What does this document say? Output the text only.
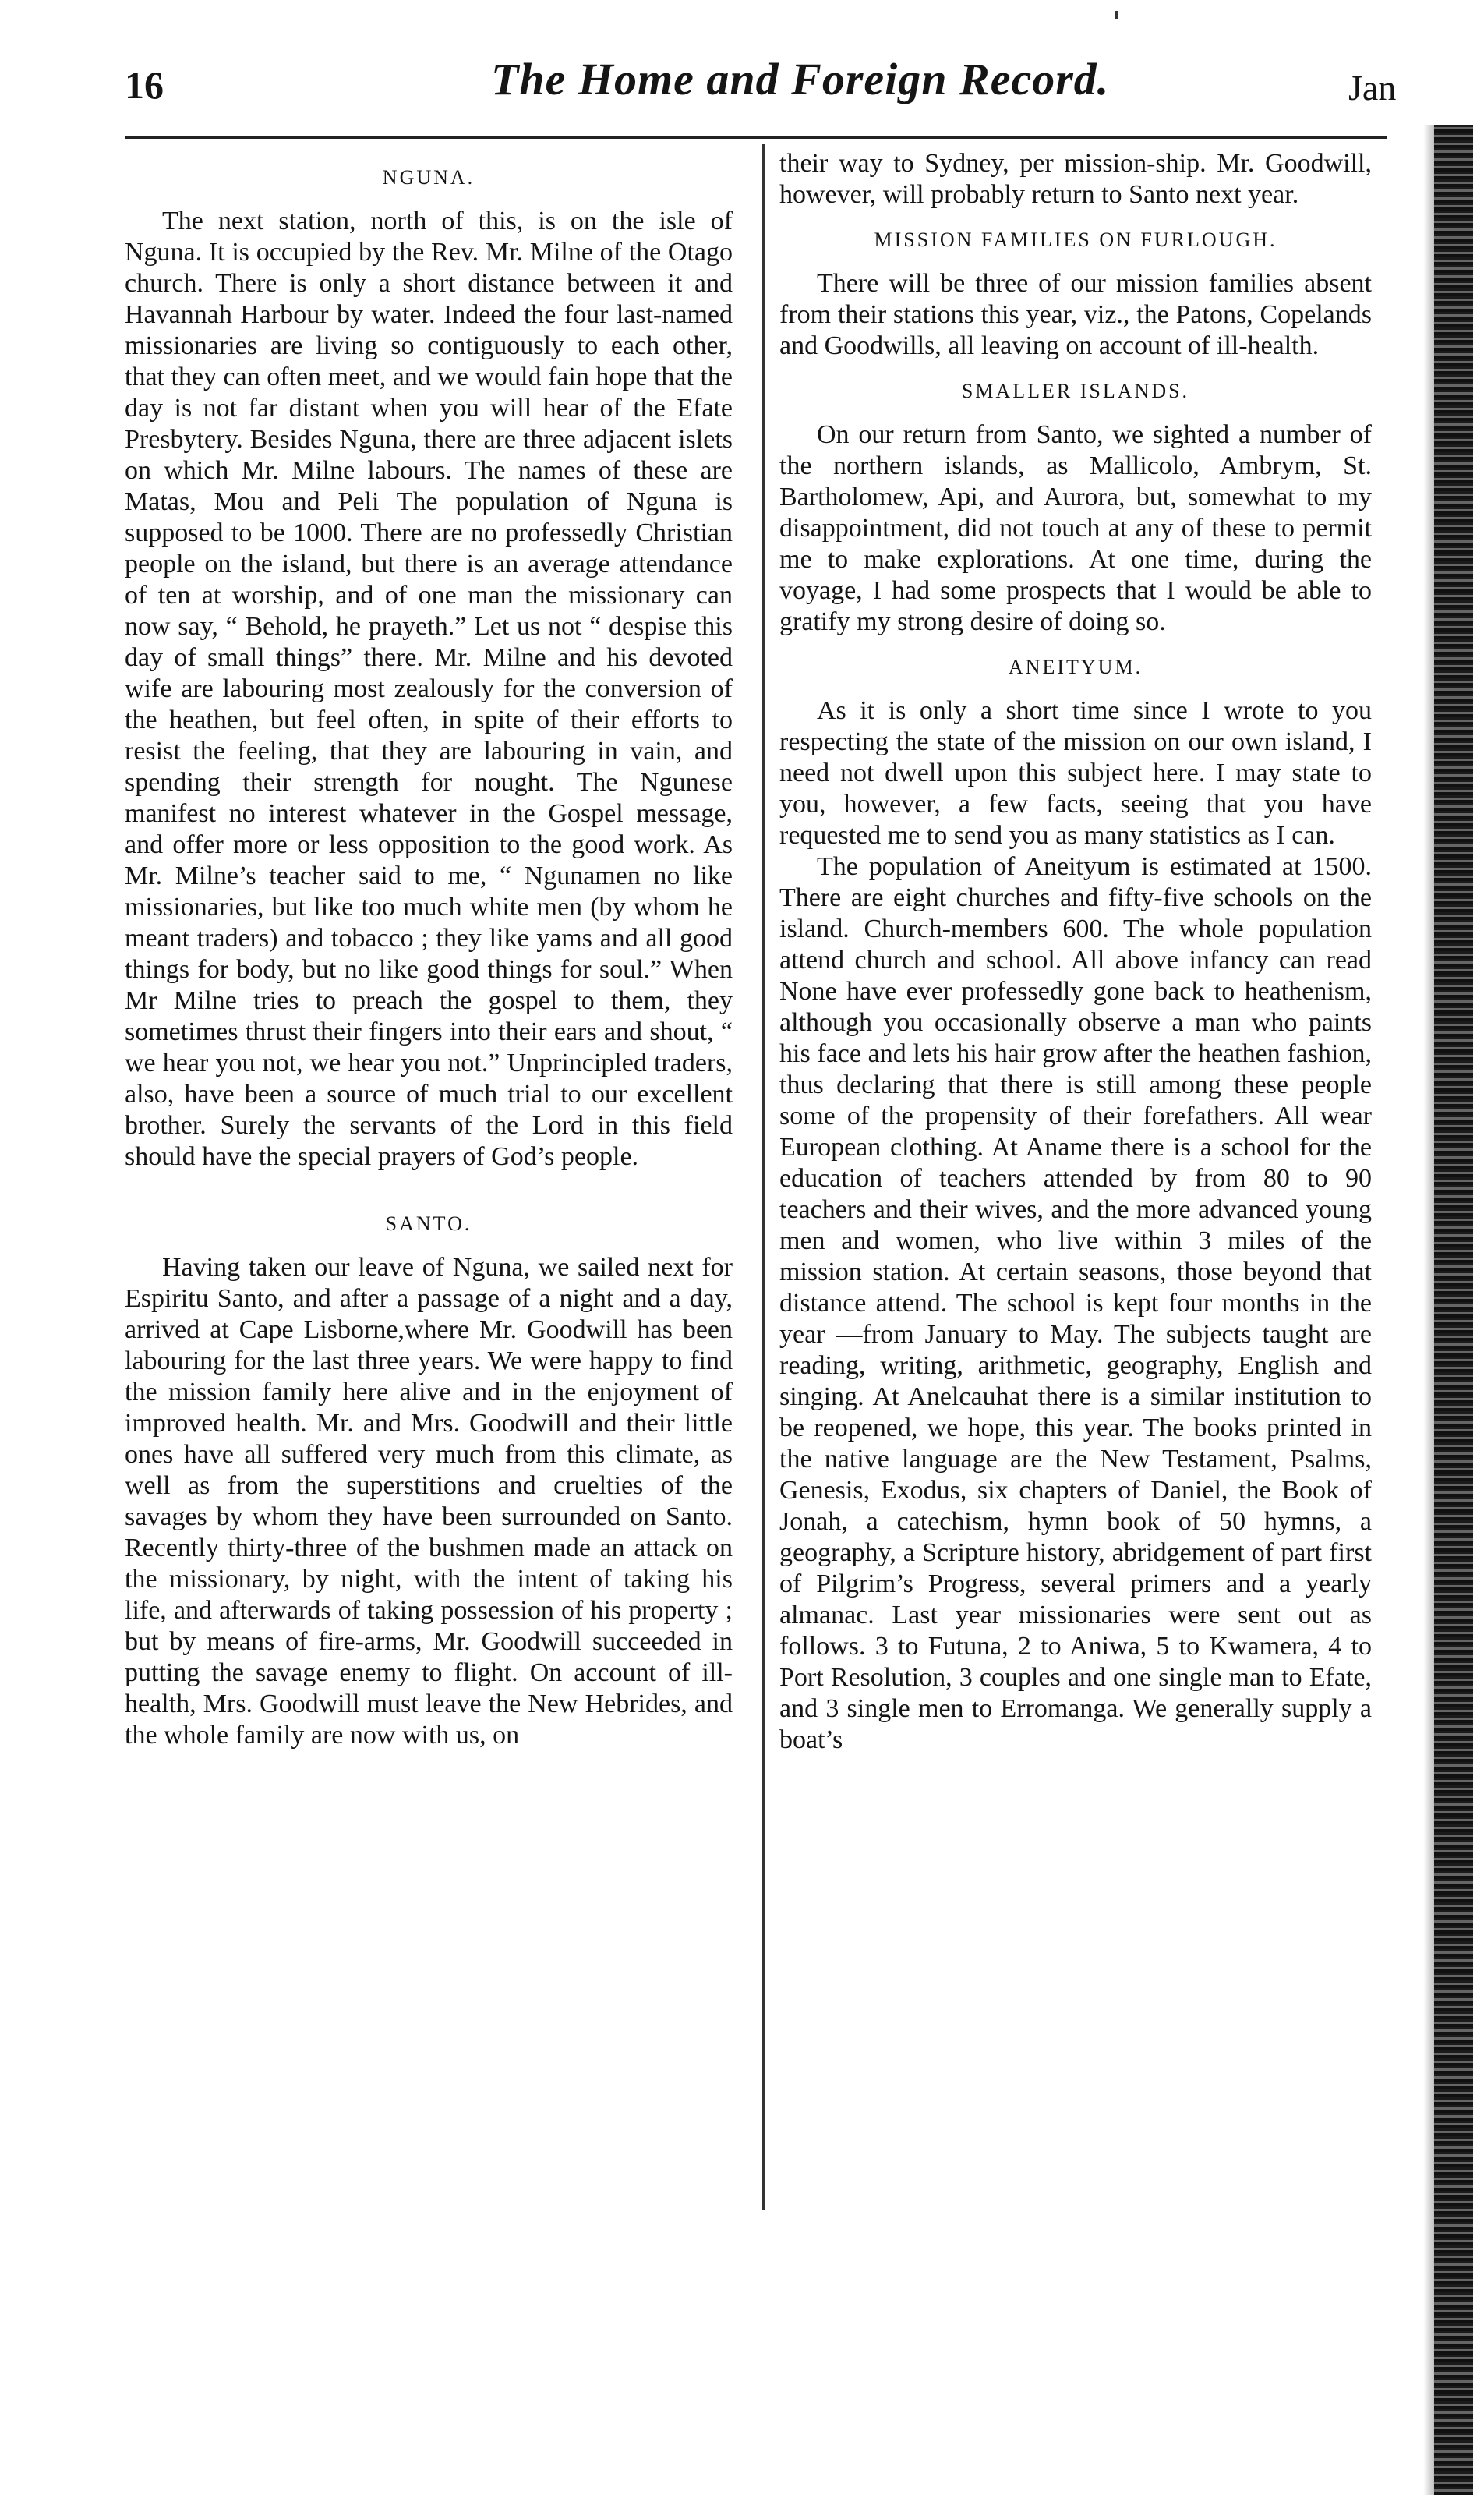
16	The Home and Foreign Record.	Jan
NGUNA.

The next station, north of this, is on the isle of Nguna. It is occupied by the Rev. Mr. Milne of the Otago church. There is only a short distance between it and Havannah Harbour by water. Indeed the four last-named missionaries are living so contiguously to each other, that they can often meet, and we would fain hope that the day is not far distant when you will hear of the Efate Presbytery. Besides Nguna, there are three adjacent islets on which Mr. Milne labours. The names of these are Matas, Mou and Peli The population of Nguna is supposed to be 1000. There are no professedly Christian people on the island, but there is an average attendance of ten at worship, and of one man the missionary can now say, “ Behold, he prayeth.” Let us not “ despise this day of small things” there. Mr. Milne and his devoted wife are labouring most zealously for the conversion of the heathen, but feel often, in spite of their efforts to resist the feeling, that they are labouring in vain, and spending their strength for nought. The Ngunese manifest no interest whatever in the Gospel message, and offer more or less opposition to the good work. As Mr. Milne’s teacher said to me, “ Ngunamen no like missionaries, but like too much white men (by whom he meant traders) and tobacco ; they like yams and all good things for body, but no like good things for soul.” When Mr Milne tries to preach the gospel to them, they sometimes thrust their fingers into their ears and shout, “ we hear you not, we hear you not.” Unprincipled traders, also, have been a source of much trial to our excellent brother. Surely the servants of the Lord in this field should have the special prayers of God’s people.

SANTO.

Having taken our leave of Nguna, we sailed next for Espiritu Santo, and after a passage of a night and a day, arrived at Cape Lisborne,where Mr. Goodwill has been labouring for the last three years. We were happy to find the mission family here alive and in the enjoyment of improved health. Mr. and Mrs. Goodwill and their little ones have all suffered very much from this climate, as well as from the superstitions and cruelties of the savages by whom they have been surrounded on Santo. Recently thirty-three of the bushmen made an attack on the missionary, by night, with the intent of taking his life, and afterwards of taking possession of his property ; but by means of fire-arms, Mr. Goodwill succeeded in putting the savage enemy to flight. On account of ill-health, Mrs. Goodwill must leave the New Hebrides, and the whole family are now with us, on

their way to Sydney, per mission-ship. Mr. Goodwill, however, will probably return to Santo next year.

MISSION FAMILIES ON FURLOUGH.

There will be three of our mission families absent from their stations this year, viz., the Patons, Copelands and Goodwills, all leaving on account of ill-health.

SMALLER ISLANDS.

On our return from Santo, we sighted a number of the northern islands, as Mallicolo, Ambrym, St. Bartholomew, Api, and Aurora, but, somewhat to my disappointment, did not touch at any of these to permit me to make explorations. At one time, during the voyage, I had some prospects that I would be able to gratify my strong desire of doing so.

ANEITYUM.

As it is only a short time since I wrote to you respecting the state of the mission on our own island, I need not dwell upon this subject here. I may state to you, however, a few facts, seeing that you have requested me to send you as many statistics as I can.

The population of Aneityum is estimated at 1500. There are eight churches and fifty-five schools on the island. Church-members 600. The whole population attend church and school. All above infancy can read None have ever professedly gone back to heathenism, although you occasionally observe a man who paints his face and lets his hair grow after the heathen fashion, thus declaring that there is still among these people some of the propensity of their forefathers. All wear European clothing. At Aname there is a school for the education of teachers attended by from 80 to 90 teachers and their wives, and the more advanced young men and women, who live within 3 miles of the mission station. At certain seasons, those beyond that distance attend. The school is kept four months in the year —from January to May. The subjects taught are reading, writing, arithmetic, geography, English and singing. At Anelcauhat there is a similar institution to be reopened, we hope, this year. The books printed in the native language are the New Testament, Psalms, Genesis, Exodus, six chapters of Daniel, the Book of Jonah, a catechism, hymn book of 50 hymns, a geography, a Scripture history, abridgement of part first of Pilgrim’s Progress, several primers and a yearly almanac. Last year missionaries were sent out as follows. 3 to Futuna, 2 to Aniwa, 5 to Kwamera, 4 to Port Resolution, 3 couples and one single man to Efate, and 3 single men to Erromanga. We generally supply a boat’s
